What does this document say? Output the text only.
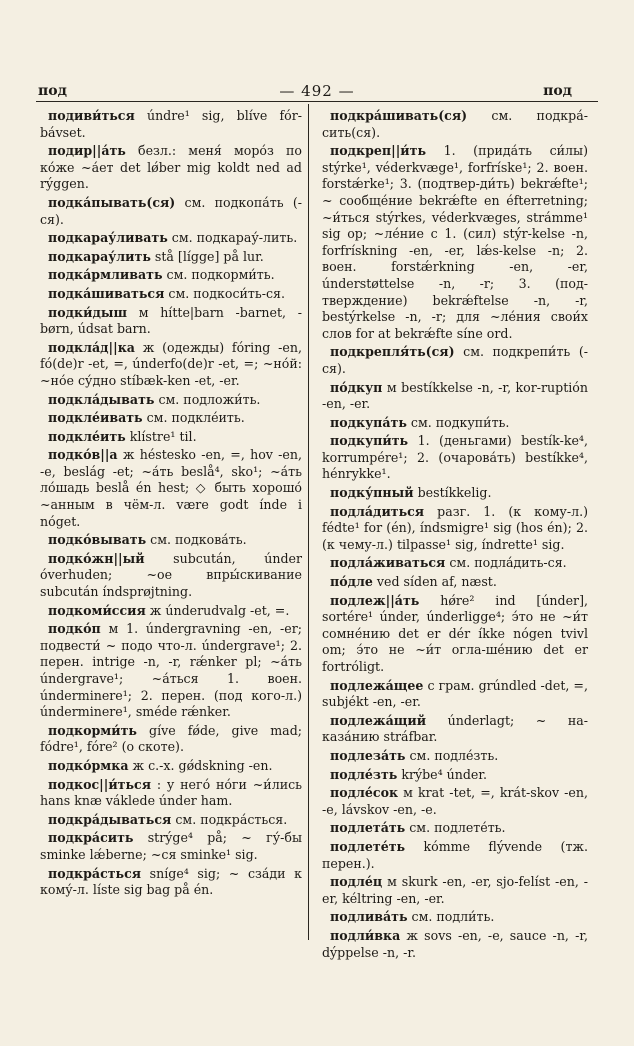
под	— 492 —	под
подиви́ться úndre¹ sig, blíve fór-bávset.
подир||а́ть безл.: меня́ моро́з по ко́же ~а́ет det lǿber mig koldt ned ad rýggen.
подка́пывать(ся) см. подкопа́ть (-ся).
подкарау́ливать см. подкарау́-лить.
подкарау́лить stå [lígge] på lur.
подка́рмливать см. подкорми́ть.
подка́шиваться см. подкоси́ть-ся.
подки́дыш м hítte|barn -barnet, -børn, údsat barn.
подкла́д||ка ж (одежды) fóring -en, fó(de)r -et, =, únderfo(de)r -et, =; ~но́й: ~но́е су́дно stíbæk-ken -et, -er.
подкла́дывать см. подложи́ть.
подкле́ивать см. подкле́ить.
подкле́ить klístre¹ til.
подко́в||а ж héstesko -en, =, hov -en, -e, beslág -et; ~а́ть beslå⁴, sko¹; ~а́ть ло́шадь beslå én hest; ◇ быть хорошо́ ~анным в чём-л. være godt índe i nóget.
подко́вывать см. подкова́ть.
подко́жн||ый subcután, únder óverhuden; ~ое впры́скивание subcután índsprøjtning.
подкоми́ссия ж únderudvalg -et, =.
подко́п м 1. úndergravning -en, -er; подвести́ ~ подо что-л. úndergrave¹; 2. перен. intrige -n, -r, rǽnker pl; ~а́ть úndergrave¹; ~а́ться 1. воен. únderminere¹; 2. перен. (под кого-л.) únderminere¹, sméde rǽnker.
подкорми́ть gíve fǿde, give mad; fódre¹, fóre² (о скоте).
подко́рмка ж с.-х. gǿdskning -en.
подкос||и́ться : у него́ но́ги ~и́лись hans knæ váklede únder ham.
подкра́дываться см. подкра́сться.
подкра́сить strýge⁴ på; ~ гу́-бы sminke lǽberne; ~ся sminke¹ sig.
подкра́сться sníge⁴ sig; ~ сза́ди к кому́-л. líste sig bag på én.
подкра́шивать(ся) см. подкра́-сить(ся).
подкреп||и́ть 1. (прида́ть си́лы) stýrke¹, véderkvæge¹, forfríske¹; 2. воен. forstǽrke¹; 3. (подтвер-ди́ть) bekrǽfte¹; ~ сообще́ние bekrǽfte en éfterretning; ~и́ться stýrkes, véderkvæges, strámme¹ sig op; ~ле́ние с 1. (сил) stýr-kelse -n, forfrískning -en, -er, lǽs-kelse -n; 2. воен. forstǽrkning -en, -er, únderstøttelse -n, -r; 3. (под-тверждение) bekrǽftelse -n, -r, bestýrkelse -n, -r; для ~ле́ния свои́х слов for at bekrǽfte síne ord.
подкрепля́ть(ся) см. подкрепи́ть (-ся).
по́дкуп м bestíkkelse -n, -r, kor-ruptión -en, -er.
подкупа́ть см. подкупи́ть.
подкупи́ть 1. (деньгами) bestík-ke⁴, korrumpére¹; 2. (очарова́ть) bestíkke⁴, hénrykke¹.
подку́пный bestíkkelig.
подла́диться разг. 1. (к кому-л.) fédte¹ for (én), índsmigre¹ sig (hos én); 2. (к чему-л.) tilpasse¹ sig, índrette¹ sig.
подла́живаться см. подла́дить-ся.
по́дле ved síden af, næst.
подлеж||а́ть hǿre² ind [únder], sortére¹ únder, únderligge⁴; э́то не ~и́т сомне́нию det er dér íkke nógen tvivl om; э́то не ~и́т огла-ше́нию det er fortróligt.
подлежа́щее с грам. grúndled -det, =, subjékt -en, -er.
подлежа́щий únderlagt; ~ на-каза́нию stráfbar.
подлеза́ть см. подле́зть.
подле́зть krýbe⁴ únder.
подле́сок м krat -tet, =, krát-skov -en, -e, lávskov -en, -e.
подлета́ть см. подлете́ть.
подлете́ть kómme flývende (тж. перен.).
подле́ц м skurk -en, -er, sjo-felíst -en, -er, kéltring -en, -er.
подлива́ть см. подли́ть.
подли́вка ж sovs -en, -e, sauce -n, -r, dýppelse -n, -r.
